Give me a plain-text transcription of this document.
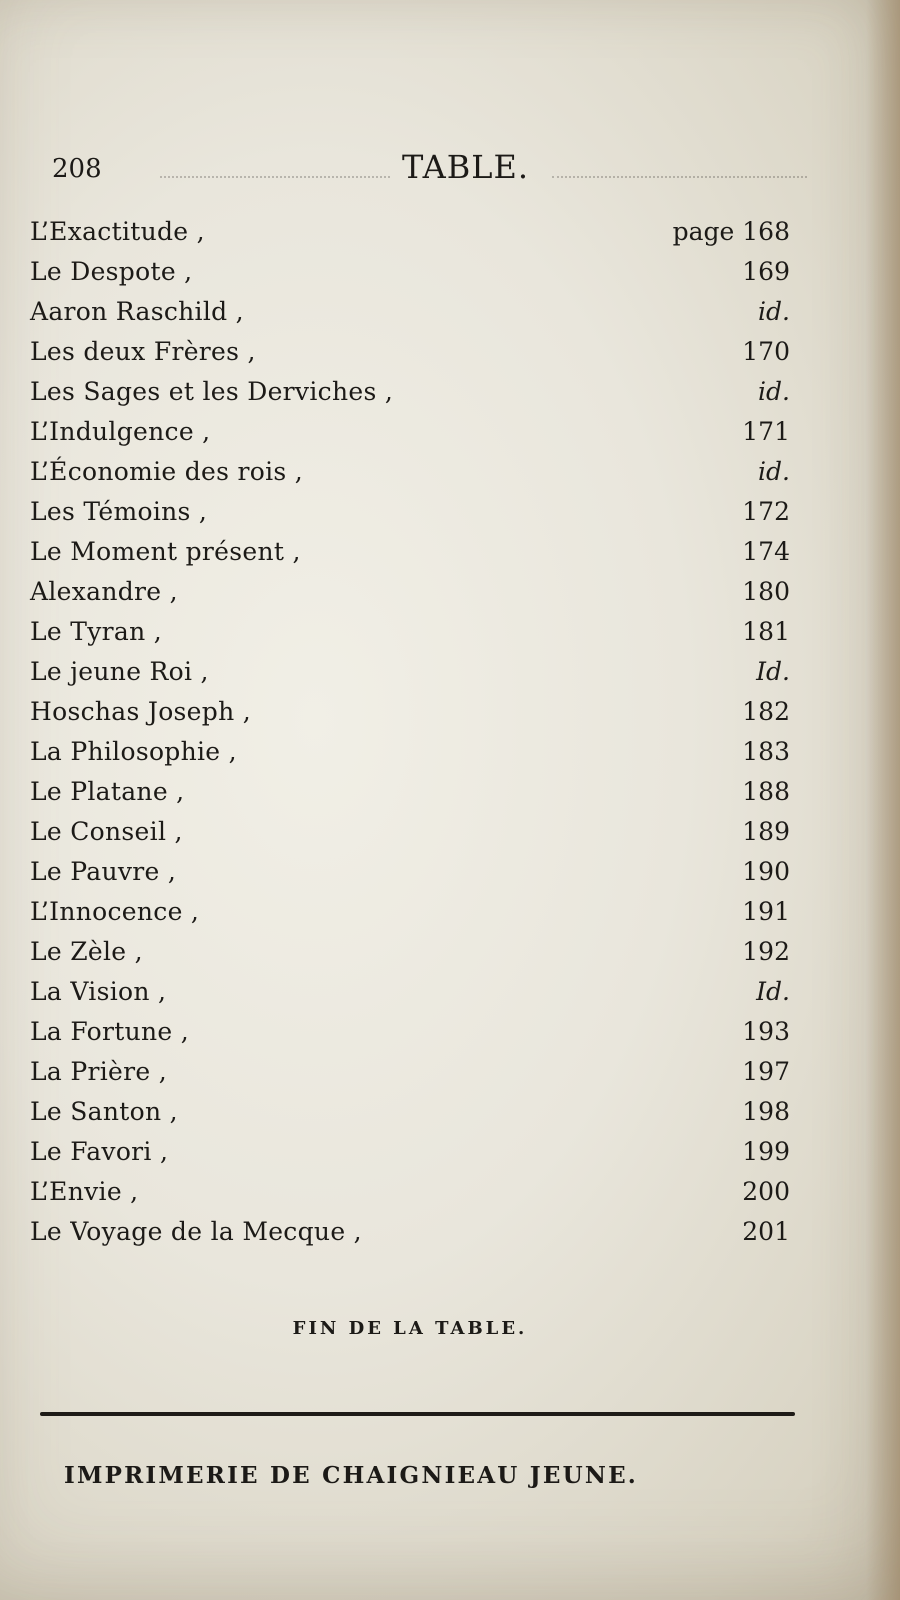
208	TABLE.
L’Exactitude ,	page 168
Le Despote ,	169
Aaron Raschild ,	id.
Les deux Frères ,	170
Les Sages et les Derviches ,	id.
L’Indulgence ,	171
L’Économie des rois ,	id.
Les Témoins ,	172
Le Moment présent ,	174
Alexandre ,	180
Le Tyran ,	181
Le jeune Roi ,	Id.
Hoschas Joseph ,	182
La Philosophie ,	183
Le Platane ,	188
Le Conseil ,	189
Le Pauvre ,	190
L’Innocence ,	191
Le Zèle ,	192
La Vision ,	Id.
La Fortune ,	193
La Prière ,	197
Le Santon ,	198
Le Favori ,	199
L’Envie ,	200
Le Voyage de la Mecque ,	201
FIN DE LA TABLE.
IMPRIMERIE DE CHAIGNIEAU JEUNE.
